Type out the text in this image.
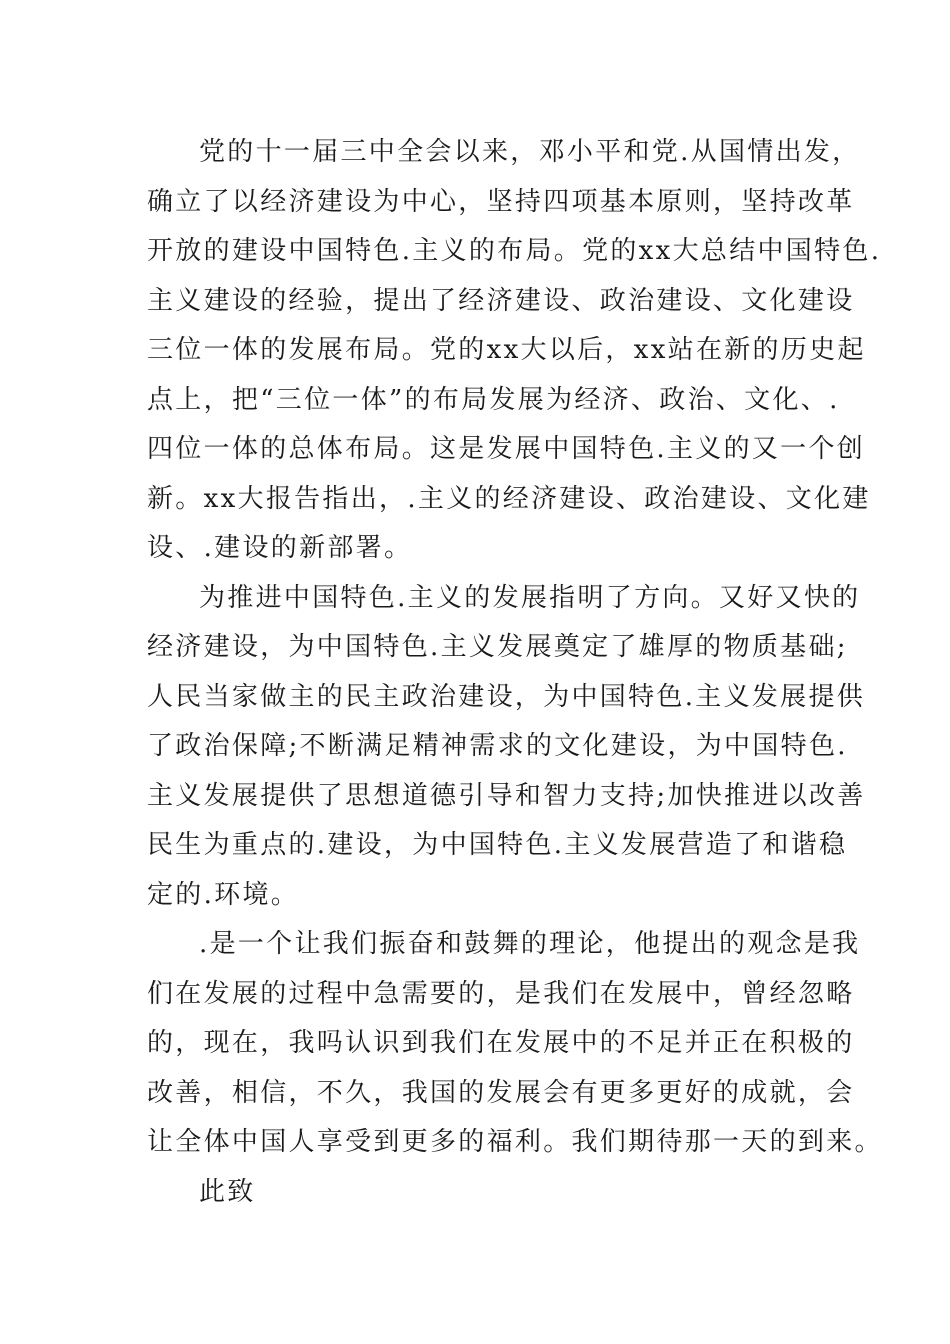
党的十一届三中全会以来，邓小平和党.从国情出发，
确立了以经济建设为中心，坚持四项基本原则，坚持改革
开放的建设中国特色.主义的布局。党的xx大总结中国特色.
主义建设的经验，提出了经济建设、政治建设、文化建设
三位一体的发展布局。党的xx大以后，xx站在新的历史起
点上，把“三位一体”的布局发展为经济、政治、文化、.
四位一体的总体布局。这是发展中国特色.主义的又一个创
新。xx大报告指出，.主义的经济建设、政治建设、文化建
设、.建设的新部署。
为推进中国特色.主义的发展指明了方向。又好又快的
经济建设，为中国特色.主义发展奠定了雄厚的物质基础;
人民当家做主的民主政治建设，为中国特色.主义发展提供
了政治保障;不断满足精神需求的文化建设，为中国特色.
主义发展提供了思想道德引导和智力支持;加快推进以改善
民生为重点的.建设，为中国特色.主义发展营造了和谐稳
定的.环境。
.是一个让我们振奋和鼓舞的理论，他提出的观念是我
们在发展的过程中急需要的，是我们在发展中，曾经忽略
的，现在，我吗认识到我们在发展中的不足并正在积极的
改善，相信，不久，我国的发展会有更多更好的成就，会
让全体中国人享受到更多的福利。我们期待那一天的到来。
此致
